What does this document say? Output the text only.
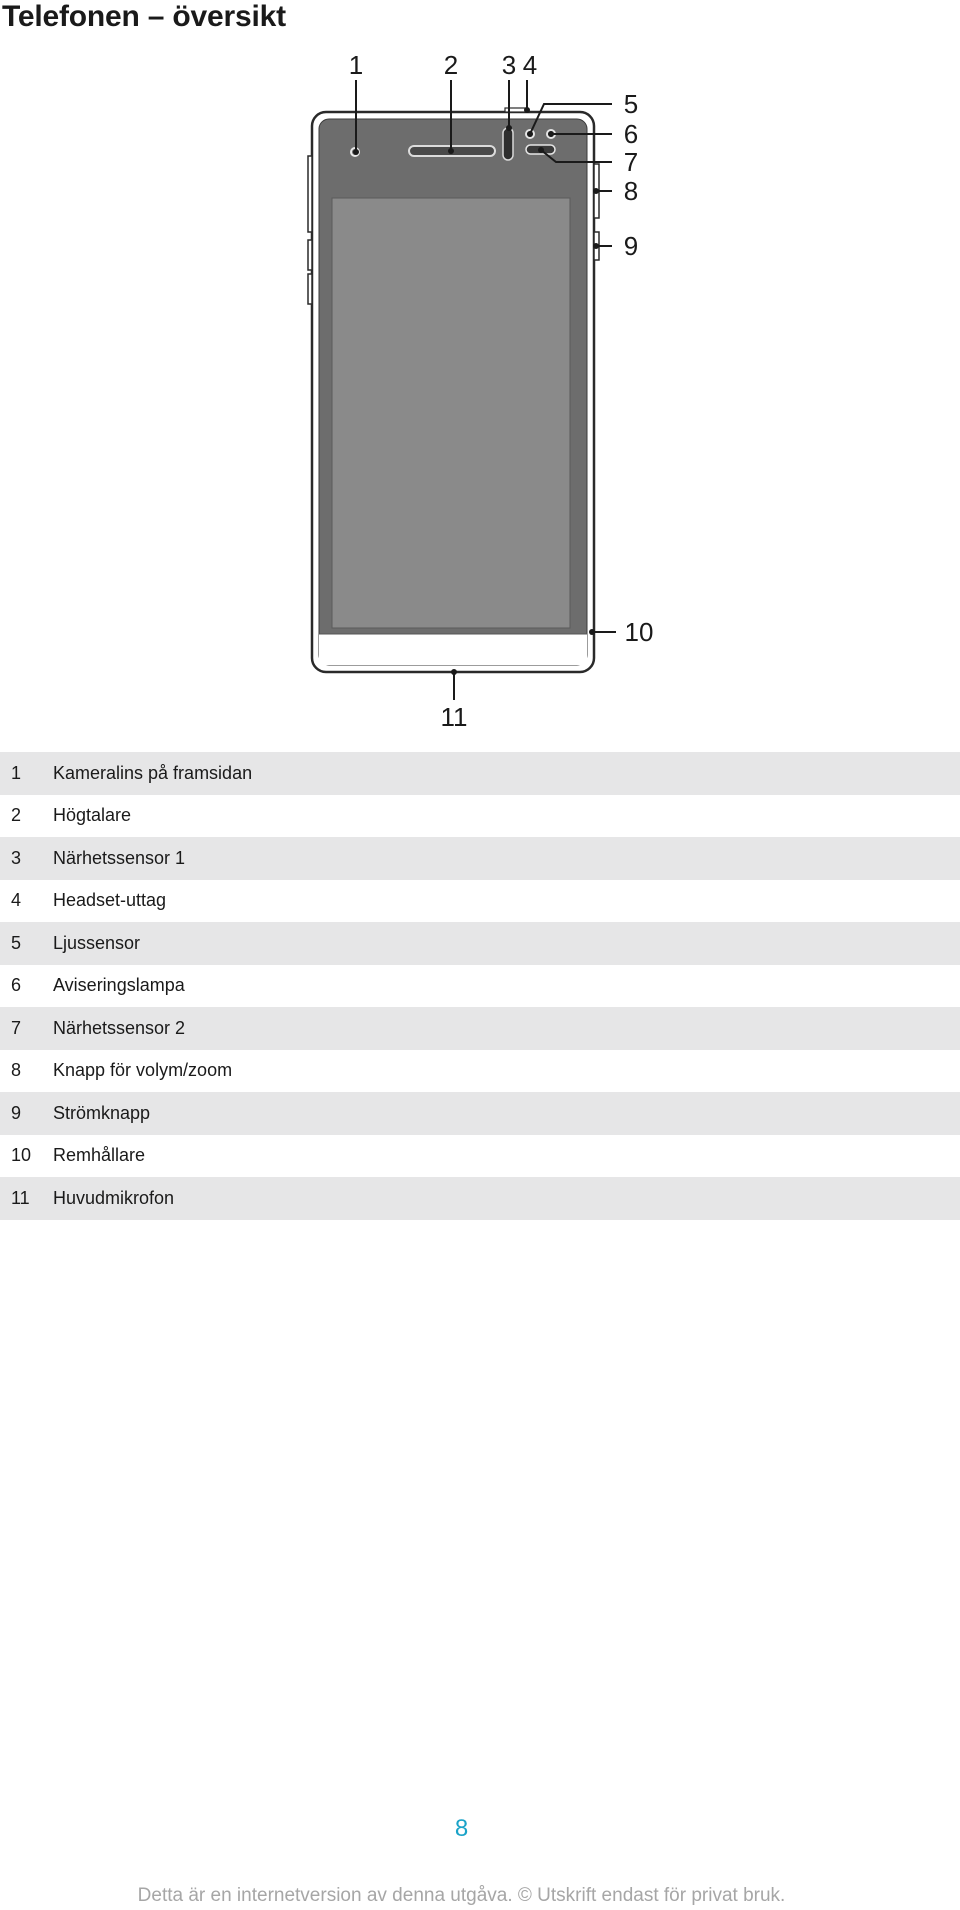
Telefonen – översikt
1	2 3 4
5
6
7
8
9
10
11
1	Kameralins på framsidan
2	Högtalare
3	Närhetssensor 1
4	Headset-uttag
5	Ljussensor
6	Aviseringslampa
7	Närhetssensor 2
8	Knapp för volym/zoom
9	Strömknapp
10	Remhållare
11	Huvudmikrofon
8
Detta är en internetversion av denna utgåva. © Utskrift endast för privat bruk.
